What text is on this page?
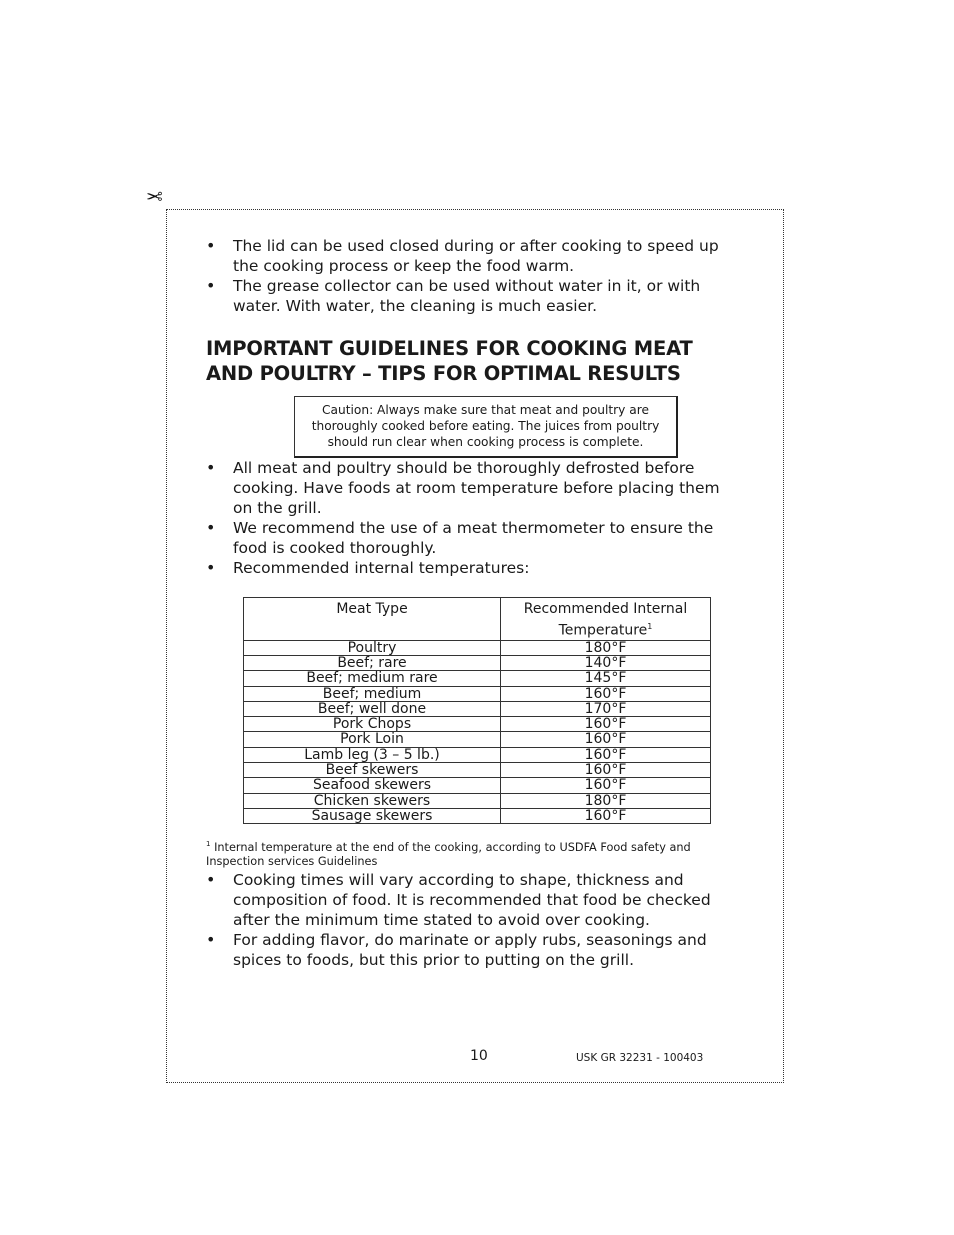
✂
• The lid can be used closed during or after cooking to speed up the cooking process or keep the food warm.
• The grease collector can be used without water in it, or with water. With water, the cleaning is much easier.
IMPORTANT GUIDELINES FOR COOKING MEAT AND POULTRY – TIPS FOR OPTIMAL RESULTS
Caution: Always make sure that meat and poultry are thoroughly cooked before eating. The juices from poultry should run clear when cooking process is complete.
• All meat and poultry should be thoroughly defrosted before cooking. Have foods at room temperature before placing them on the grill.
• We recommend the use of a meat thermometer to ensure the food is cooked thoroughly.
• Recommended internal temperatures:
Meat Type	Recommended Internal Temperature$^1$
Poultry	180°F
Beef; rare	140°F
Beef; medium rare	145°F
Beef; medium	160°F
Beef; well done	170°F
Pork Chops	160°F
Pork Loin	160°F
Lamb leg (3 – 5 lb.)	160°F
Beef skewers	160°F
Seafood skewers	160°F
Chicken skewers	180°F
Sausage skewers	160°F
$^1$ Internal temperature at the end of the cooking, according to USDFA Food safety and Inspection services Guidelines
• Cooking times will vary according to shape, thickness and composition of food. It is recommended that food be checked after the minimum time stated to avoid over cooking.
• For adding flavor, do marinate or apply rubs, seasonings and spices to foods, but this prior to putting on the grill.
10	USK GR 32231 - 100403
